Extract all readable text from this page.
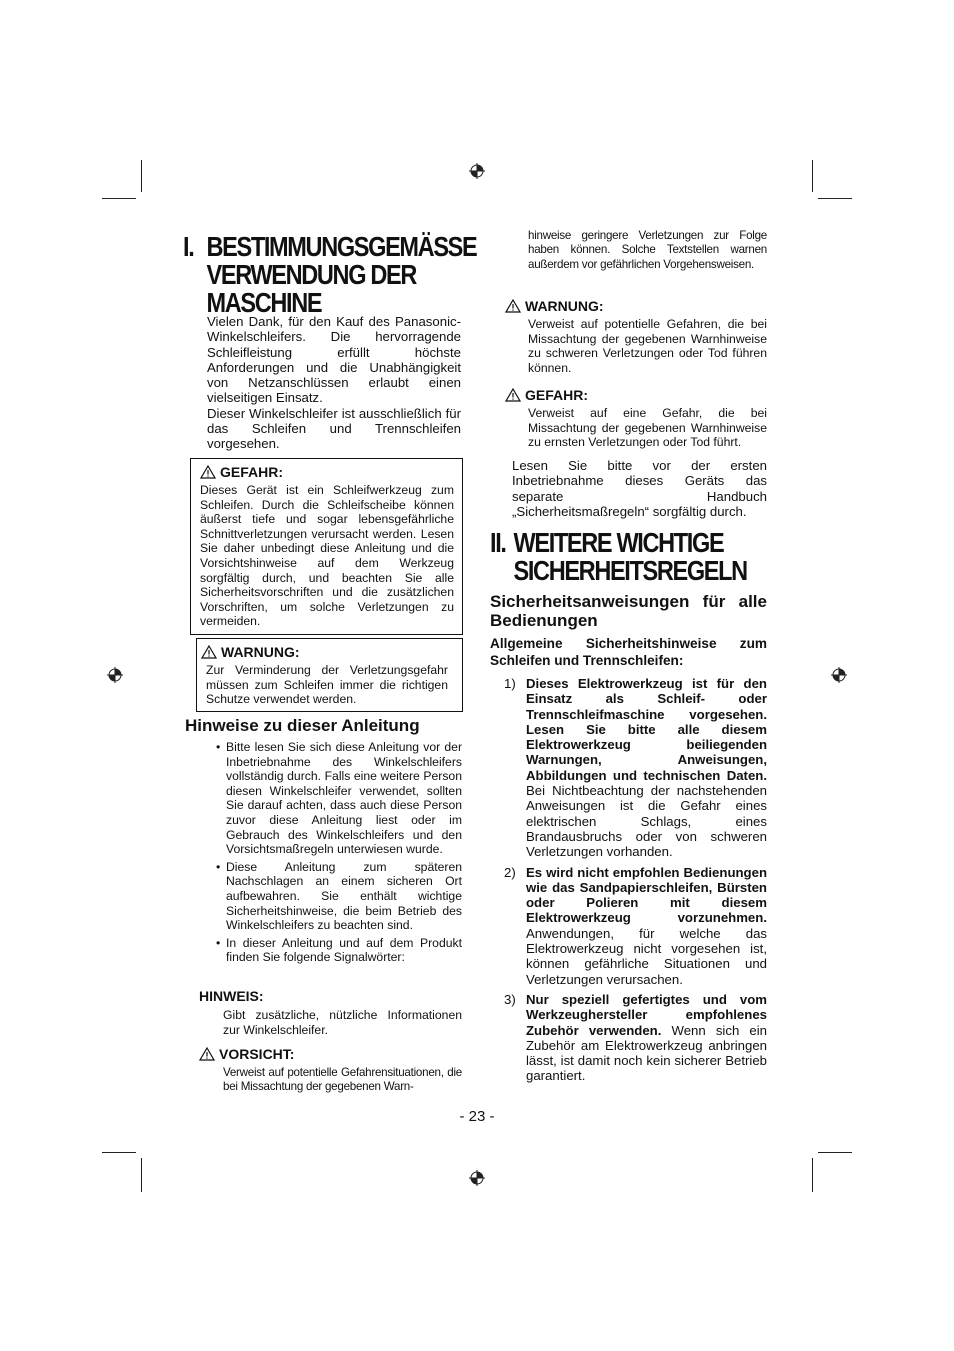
I. BESTIMMUNGSGEMÄSSE
VERWENDUNG DER
MASCHINE

Vielen Dank, für den Kauf des Panasonic-Winkelschleifers. Die hervorragende Schleifleistung erfüllt höchste Anforderungen und die Unabhängigkeit von Netzanschlüssen erlaubt einen vielseitigen Einsatz.

Dieser Winkelschleifer ist ausschließlich für das Schleifen und Trennschleifen vorgesehen.

GEFAHR:

Dieses Gerät ist ein Schleifwerkzeug zum Schleifen. Durch die Schleifscheibe können äußerst tiefe und sogar lebensgefährliche Schnittverletzungen verursacht werden. Lesen Sie daher unbedingt diese Anleitung und die Vorsichtshinweise auf dem Werkzeug sorgfältig durch, und beachten Sie alle Sicherheitsvorschriften und die zusätzlichen Vorschriften, um solche Verletzungen zu vermeiden.

WARNUNG:

Zur Verminderung der Verletzungsgefahr müssen zum Schleifen immer die richtigen Schutze verwendet werden.

Hinweise zu dieser Anleitung
• Bitte lesen Sie sich diese Anleitung vor der Inbetriebnahme des Winkelschleifers vollständig durch. Falls eine weitere Person diesen Winkelschleifer verwendet, sollten Sie darauf achten, dass auch diese Person zuvor diese Anleitung liest oder im Gebrauch des Winkelschleifers und den Vorsichtsmaßregeln unterwiesen wurde.
• Diese Anleitung zum späteren Nachschlagen an einem sicheren Ort aufbewahren. Sie enthält wichtige Sicherheitshinweise, die beim Betrieb des Winkelschleifers zu beachten sind.
• In dieser Anleitung und auf dem Produkt finden Sie folgende Signalwörter:
HINWEIS:

Gibt zusätzliche, nützliche Informationen zur Winkelschleifer.

VORSICHT:

Verweist auf potentielle Gefahrensituationen, die bei Missachtung der gegebenen Warn-

hinweise geringere Verletzungen zur Folge haben können. Solche Textstellen warnen außerdem vor gefährlichen Vorgehensweisen.

WARNUNG:

Verweist auf potentielle Gefahren, die bei Missachtung der gegebenen Warnhinweise zu schweren Verletzungen oder Tod führen können.

GEFAHR:

Verweist auf eine Gefahr, die bei Missachtung der gegebenen Warnhinweise zu ernsten Verletzungen oder Tod führt.

Lesen Sie bitte vor der ersten Inbetriebnahme dieses Geräts das separate Handbuch „Sicherheitsmaßregeln“ sorgfältig durch.

II. WEITERE WICHTIGE
SICHERHEITSREGELN
Sicherheitsanweisungen für alle Bedienungen

Allgemeine Sicherheitshinweise zum Schleifen und Trennschleifen:

1) Dieses Elektrowerkzeug ist für den Einsatz als Schleif- oder Trennschleifmaschine vorgesehen. Lesen Sie bitte alle diesem Elektrowerkzeug beiliegenden Warnungen, Anweisungen, Abbildungen und technischen Daten. Bei Nichtbeachtung der nachstehenden Anweisungen ist die Gefahr eines elektrischen Schlags, eines Brandausbruchs oder von schweren Verletzungen vorhanden.

2) Es wird nicht empfohlen Bedienungen wie das Sandpapierschleifen, Bürsten oder Polieren mit diesem Elektrowerkzeug vorzunehmen. Anwendungen, für welche das Elektrowerkzeug nicht vorgesehen ist, können gefährliche Situationen und Verletzungen verursachen.

3) Nur speziell gefertigtes und vom Werkzeughersteller empfohlenes Zubehör verwenden. Wenn sich ein Zubehör am Elektrowerkzeug anbringen lässt, ist damit noch kein sicherer Betrieb garantiert.

- 23 -
